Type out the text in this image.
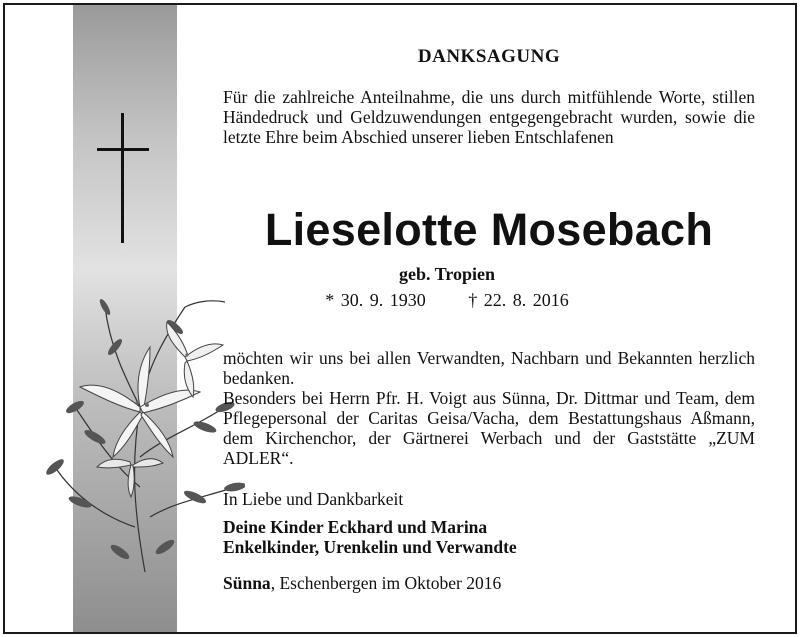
DANKSAGUNG
Für die zahlreiche Anteilnahme, die uns durch mitfühlende Worte, stillen Händedruck und Geldzuwendungen entgegengebracht wurden, sowie die letzte Ehre beim Abschied unserer lieben Entschlafenen
Lieselotte Mosebach
geb. Tropien
* 30. 9. 1930 † 22. 8. 2016

möchten wir uns bei allen Verwandten, Nachbarn und Bekannten herzlich bedanken.

Besonders bei Herrn Pfr. H. Voigt aus Sünna, Dr. Dittmar und Team, dem Pflegepersonal der Caritas Geisa/Vacha, dem Bestattungshaus Aßmann, dem Kirchenchor, der Gärtnerei Werbach und der Gaststätte „ZUM ADLER“.

In Liebe und Dankbarkeit
Deine Kinder Eckhard und Marina
Enkelkinder, Urenkelin und Verwandte
Sünna, Eschenbergen im Oktober 2016
